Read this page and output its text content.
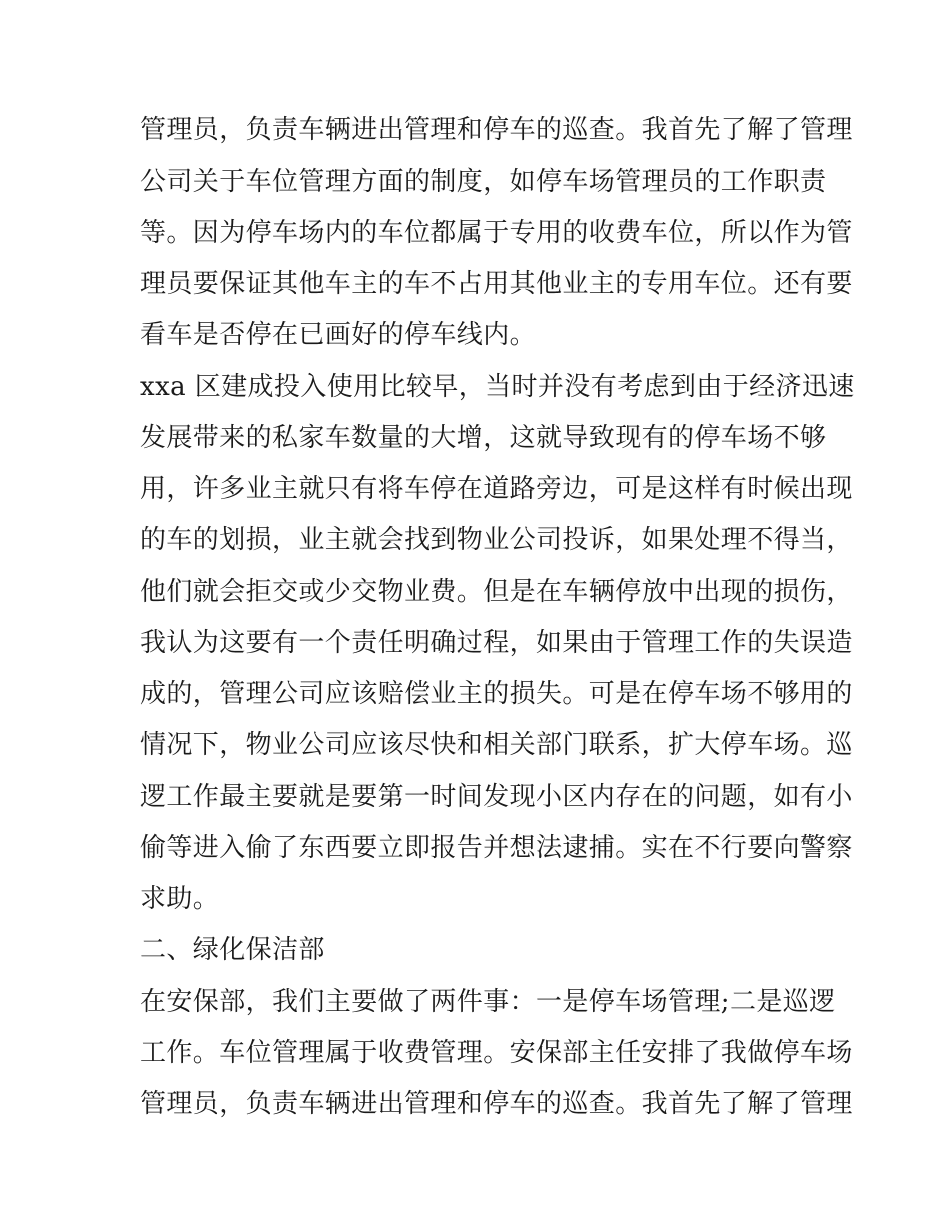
管理员，负责车辆进出管理和停车的巡查。我首先了解了管理
公司关于车位管理方面的制度，如停车场管理员的工作职责
等。因为停车场内的车位都属于专用的收费车位，所以作为管
理员要保证其他车主的车不占用其他业主的专用车位。还有要
看车是否停在已画好的停车线内。
xxa 区建成投入使用比较早，当时并没有考虑到由于经济迅速
发展带来的私家车数量的大增，这就导致现有的停车场不够
用，许多业主就只有将车停在道路旁边，可是这样有时候出现
的车的划损，业主就会找到物业公司投诉，如果处理不得当，
他们就会拒交或少交物业费。但是在车辆停放中出现的损伤，
我认为这要有一个责任明确过程，如果由于管理工作的失误造
成的，管理公司应该赔偿业主的损失。可是在停车场不够用的
情况下，物业公司应该尽快和相关部门联系，扩大停车场。巡
逻工作最主要就是要第一时间发现小区内存在的问题，如有小
偷等进入偷了东西要立即报告并想法逮捕。实在不行要向警察
求助。
二、绿化保洁部
在安保部，我们主要做了两件事：一是停车场管理;二是巡逻
工作。车位管理属于收费管理。安保部主任安排了我做停车场
管理员，负责车辆进出管理和停车的巡查。我首先了解了管理
